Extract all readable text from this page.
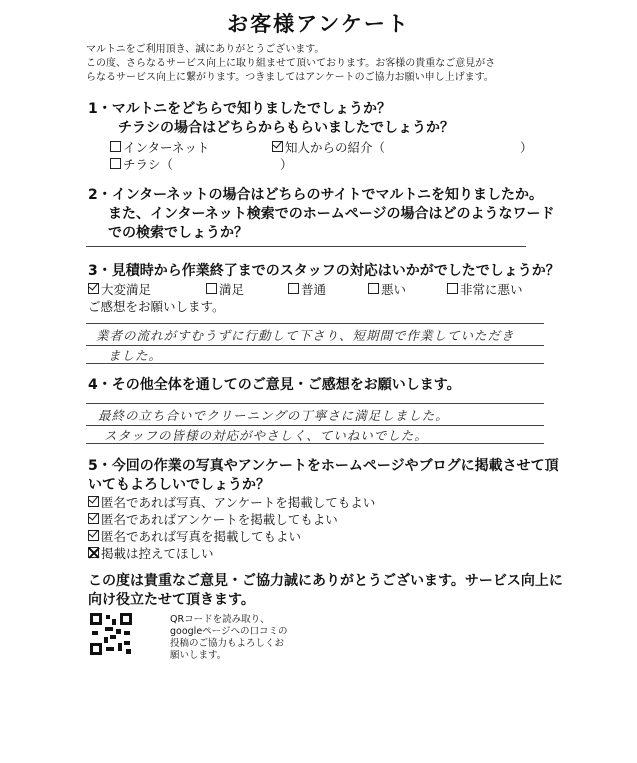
お客様アンケート
マルトニをご利用頂き、誠にありがとうございます。
この度、さらなるサービス向上に取り組ませて頂いております。お客様の貴重なご意見がさ
らなるサービス向上に繋がります。つきましてはアンケートのご協力お願い申し上げます。
1・マルトニをどちらで知りましたでしょうか？
チラシの場合はどちらからもらいましたでしょうか？
インターネット	知人からの紹介（	）
チラシ（	）
2・インターネットの場合はどちらのサイトでマルトニを知りましたか。
また、インターネット検索でのホームページの場合はどのようなワード
での検索でしょうか？
3・見積時から作業終了までのスタッフの対応はいかがでしたでしょうか？
大変満足	満足	普通	悪い	非常に悪い
ご感想をお願いします。
業者の流れがすむうずに行動して下さり、短期間で作業していただき
ました。
4・その他全体を通してのご意見・ご感想をお願いします。
最終の立ち合いでクリーニングの丁寧さに満足しました。
スタッフの皆様の対応がやさしく、ていねいでした。
5・今回の作業の写真やアンケートをホームページやブログに掲載させて頂
いてもよろしいでしょうか？
匿名であれば写真、アンケートを掲載してもよい
匿名であればアンケートを掲載してもよい
匿名であれば写真を掲載してもよい
掲載は控えてほしい
この度は貴重なご意見・ご協力誠にありがとうございます。サービス向上に
向け役立たせて頂きます。
QRコードを読み取り、
googleページへの口コミの
投稿のご協力もよろしくお
願いします。
